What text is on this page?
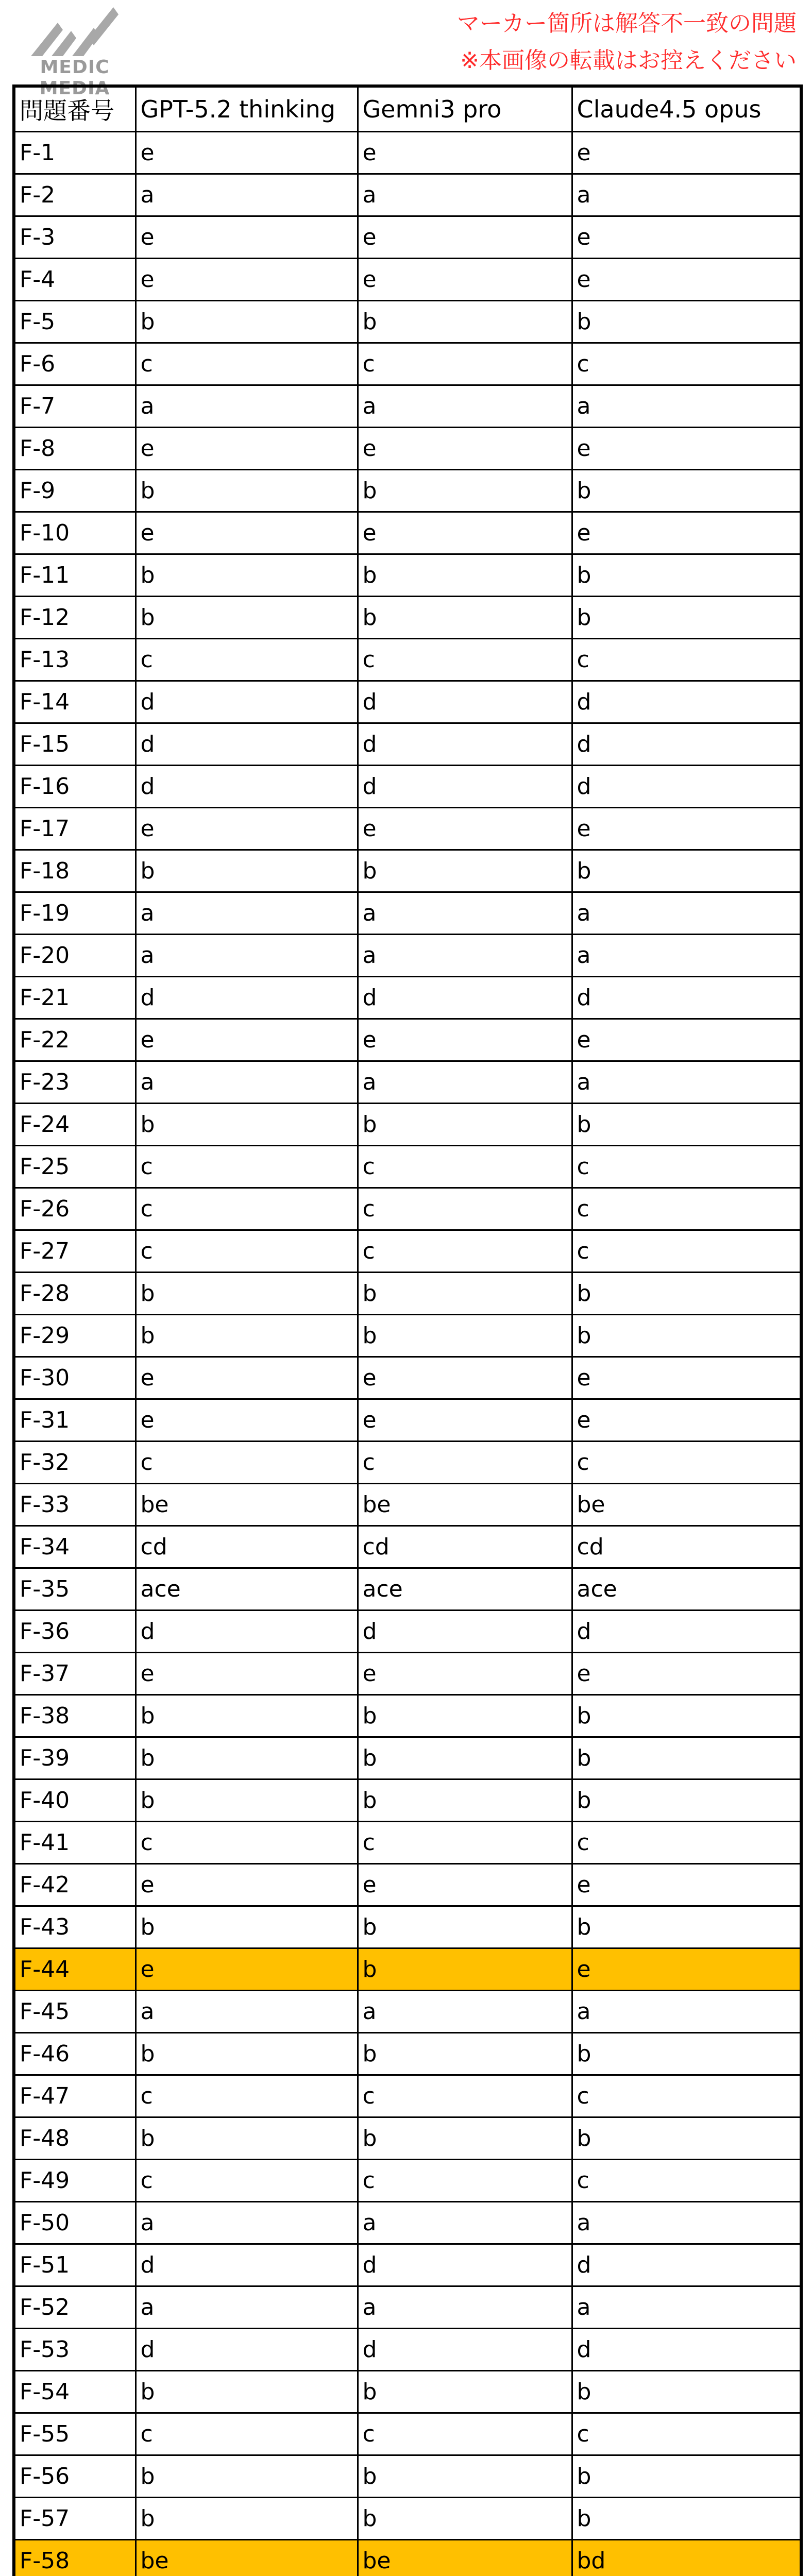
MEDIC MEDIA
マーカー箇所は解答不一致の問題
※本画像の転載はお控えください
問題番号	GPT-5.2 thinking	Gemni3 pro	Claude4.5 opus
F-1	e	e	e
F-2	a	a	a
F-3	e	e	e
F-4	e	e	e
F-5	b	b	b
F-6	c	c	c
F-7	a	a	a
F-8	e	e	e
F-9	b	b	b
F-10	e	e	e
F-11	b	b	b
F-12	b	b	b
F-13	c	c	c
F-14	d	d	d
F-15	d	d	d
F-16	d	d	d
F-17	e	e	e
F-18	b	b	b
F-19	a	a	a
F-20	a	a	a
F-21	d	d	d
F-22	e	e	e
F-23	a	a	a
F-24	b	b	b
F-25	c	c	c
F-26	c	c	c
F-27	c	c	c
F-28	b	b	b
F-29	b	b	b
F-30	e	e	e
F-31	e	e	e
F-32	c	c	c
F-33	be	be	be
F-34	cd	cd	cd
F-35	ace	ace	ace
F-36	d	d	d
F-37	e	e	e
F-38	b	b	b
F-39	b	b	b
F-40	b	b	b
F-41	c	c	c
F-42	e	e	e
F-43	b	b	b
F-44	e	b	e
F-45	a	a	a
F-46	b	b	b
F-47	c	c	c
F-48	b	b	b
F-49	c	c	c
F-50	a	a	a
F-51	d	d	d
F-52	a	a	a
F-53	d	d	d
F-54	b	b	b
F-55	c	c	c
F-56	b	b	b
F-57	b	b	b
F-58	be	be	bd
